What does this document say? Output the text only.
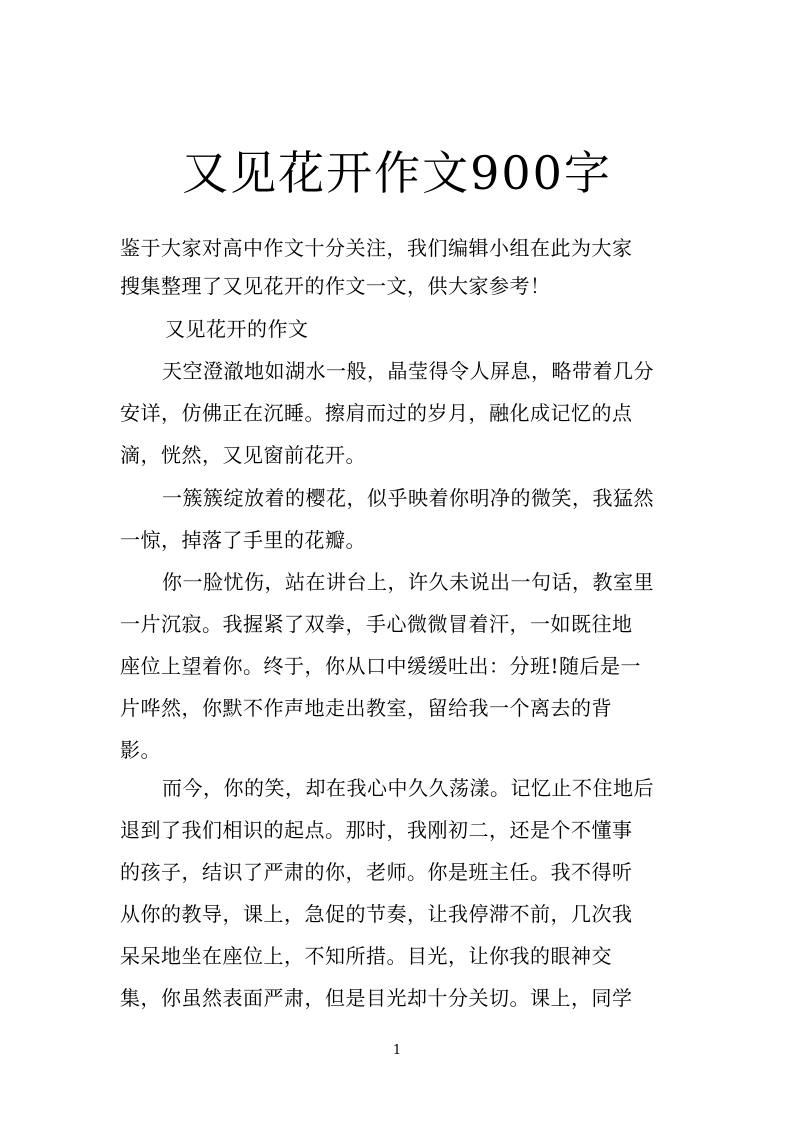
又见花开作文900字
鉴于大家对高中作文十分关注，我们编辑小组在此为大家
搜集整理了又见花开的作文一文，供大家参考！
又见花开的作文
天空澄澈地如湖水一般，晶莹得令人屏息，略带着几分
安详，仿佛正在沉睡。擦肩而过的岁月，融化成记忆的点
滴，恍然，又见窗前花开。
一簇簇绽放着的樱花，似乎映着你明净的微笑，我猛然
一惊，掉落了手里的花瓣。
你一脸忧伤，站在讲台上，许久未说出一句话，教室里
一片沉寂。我握紧了双拳，手心微微冒着汗，一如既往地
座位上望着你。终于，你从口中缓缓吐出：分班!随后是一
片哗然，你默不作声地走出教室，留给我一个离去的背
影。
而今，你的笑，却在我心中久久荡漾。记忆止不住地后
退到了我们相识的起点。那时，我刚初二，还是个不懂事
的孩子，结识了严肃的你，老师。你是班主任。我不得听
从你的教导，课上，急促的节奏，让我停滞不前，几次我
呆呆地坐在座位上，不知所措。目光，让你我的眼神交
集，你虽然表面严肃，但是目光却十分关切。课上，同学
1
